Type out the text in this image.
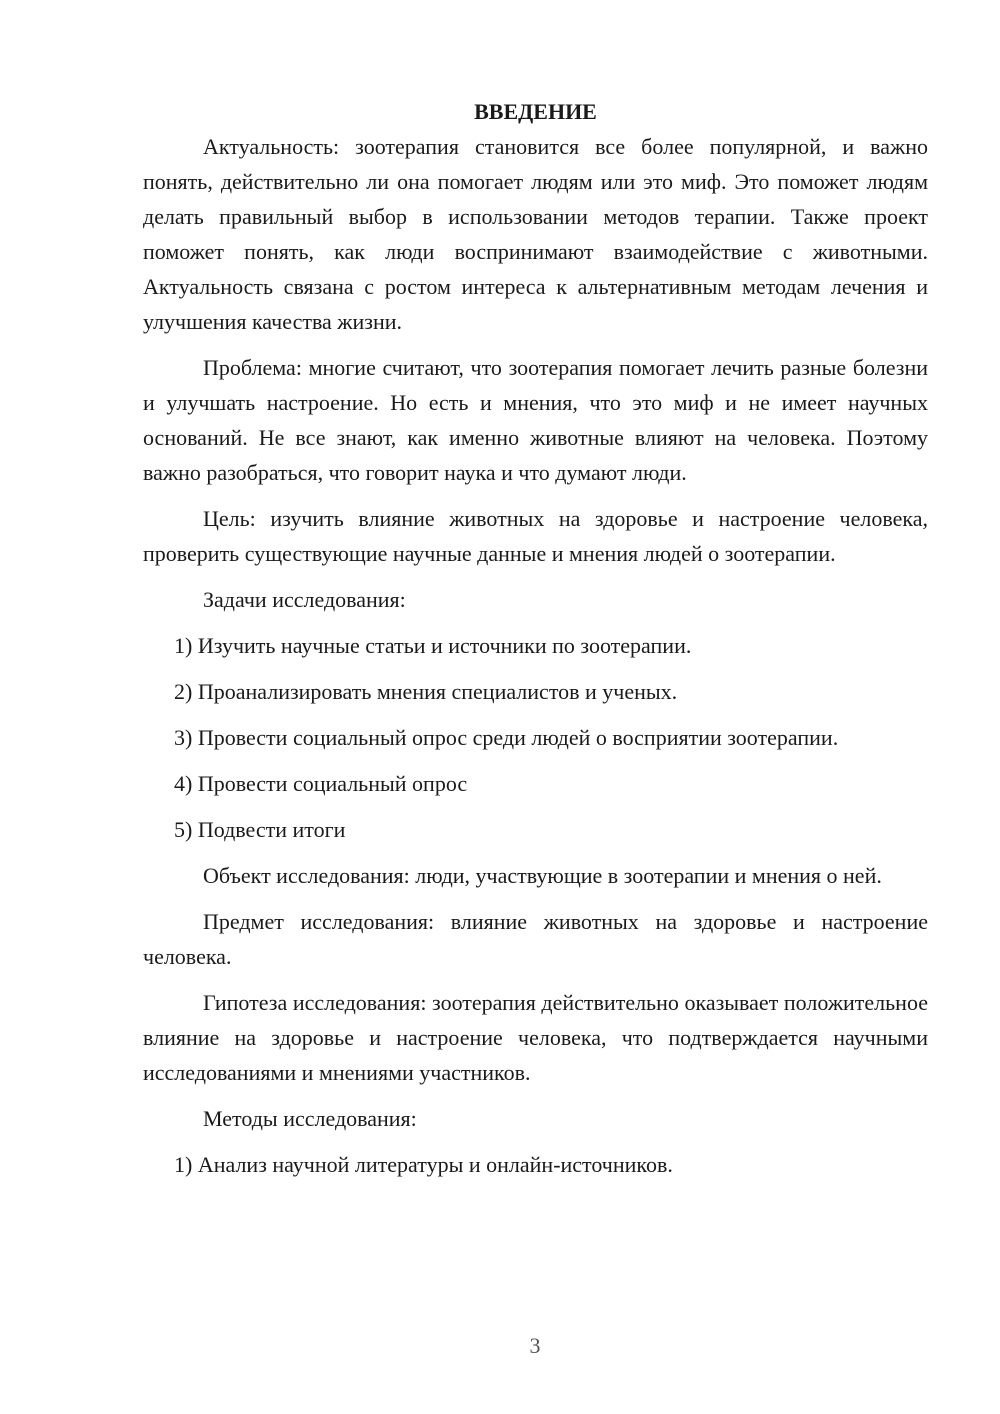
ВВЕДЕНИЕ

Актуальность: зоотерапия становится все более популярной, и важно понять, действительно ли она помогает людям или это миф. Это поможет людям делать правильный выбор в использовании методов терапии. Также проект поможет понять, как люди воспринимают взаимодействие с животными. Актуальность связана с ростом интереса к альтернативным методам лечения и улучшения качества жизни.

Проблема: многие считают, что зоотерапия помогает лечить разные болезни и улучшать настроение. Но есть и мнения, что это миф и не имеет научных оснований. Не все знают, как именно животные влияют на человека. Поэтому важно разобраться, что говорит наука и что думают люди.

Цель: изучить влияние животных на здоровье и настроение человека, проверить существующие научные данные и мнения людей о зоотерапии.

Задачи исследования:

1) Изучить научные статьи и источники по зоотерапии.
2) Проанализировать мнения специалистов и ученых.
3) Провести социальный опрос среди людей о восприятии зоотерапии.
4) Провести социальный опрос
5) Подвести итоги

Объект исследования: люди, участвующие в зоотерапии и мнения о ней.

Предмет исследования: влияние животных на здоровье и настроение человека.

Гипотеза исследования: зоотерапия действительно оказывает положительное влияние на здоровье и настроение человека, что подтверждается научными исследованиями и мнениями участников.

Методы исследования:

1) Анализ научной литературы и онлайн-источников.
3
